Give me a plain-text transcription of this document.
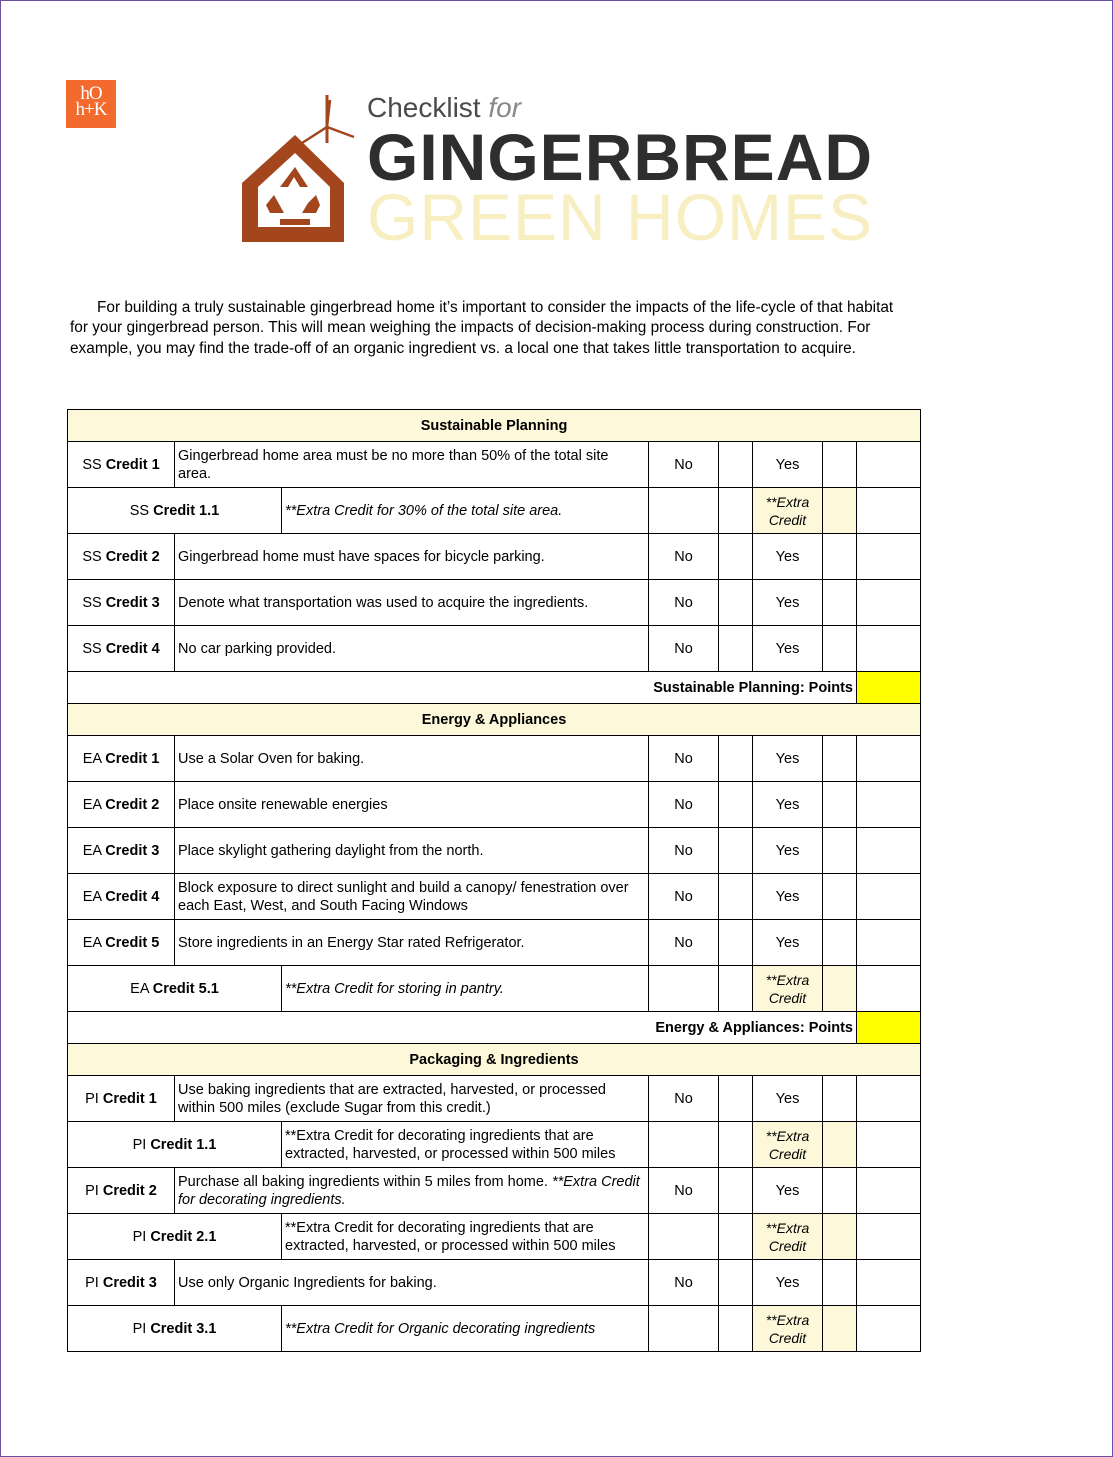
hO
h+K	Checklist for
GINGERBREAD
GREEN HOMES

For building a truly sustainable gingerbread home it’s important to consider the impacts of the life-cycle of that habitat for your gingerbread person. This will mean weighing the impacts of decision-making process during construction. For example, you may find the trade-off of an organic ingredient vs. a local one that takes little transportation to acquire.

Sustainable Planning							
SS Credit 1	Gingerbread home area must be no more than 50% of the total site area.		No		Yes		
SS Credit 1.1		**Extra Credit for 30% of the total site area.			**Extra Credit		
SS Credit 2	Gingerbread home must have spaces for bicycle parking.		No		Yes		
SS Credit 3	Denote what transportation was used to acquire the ingredients.		No		Yes		
SS Credit 4	No car parking provided.		No		Yes		
Sustainable Planning: Points							
Energy & Appliances							
EA Credit 1	Use a Solar Oven for baking.		No		Yes		
EA Credit 2	Place onsite renewable energies		No		Yes		
EA Credit 3	Place skylight gathering daylight from the north.		No		Yes		
EA Credit 4	Block exposure to direct sunlight and build a canopy/ fenestration over each East, West, and South Facing Windows		No		Yes		
EA Credit 5	Store ingredients in an Energy Star rated Refrigerator.		No		Yes		
EA Credit 5.1		**Extra Credit for storing in pantry.			**Extra Credit		
Energy & Appliances: Points							
Packaging & Ingredients							
PI Credit 1	Use baking ingredients that are extracted, harvested, or processed within 500 miles (exclude Sugar from this credit.)		No		Yes		
PI Credit 1.1		**Extra Credit for decorating ingredients that are extracted, harvested, or processed within 500 miles			**Extra Credit		
PI Credit 2	Purchase all baking ingredients within 5 miles from home. **Extra Credit for decorating ingredients.		No		Yes		
PI Credit 2.1		**Extra Credit for decorating ingredients that are extracted, harvested, or processed within 500 miles			**Extra Credit		
PI Credit 3	Use only Organic Ingredients for baking.		No		Yes		
PI Credit 3.1		**Extra Credit for Organic decorating ingredients			**Extra Credit		
